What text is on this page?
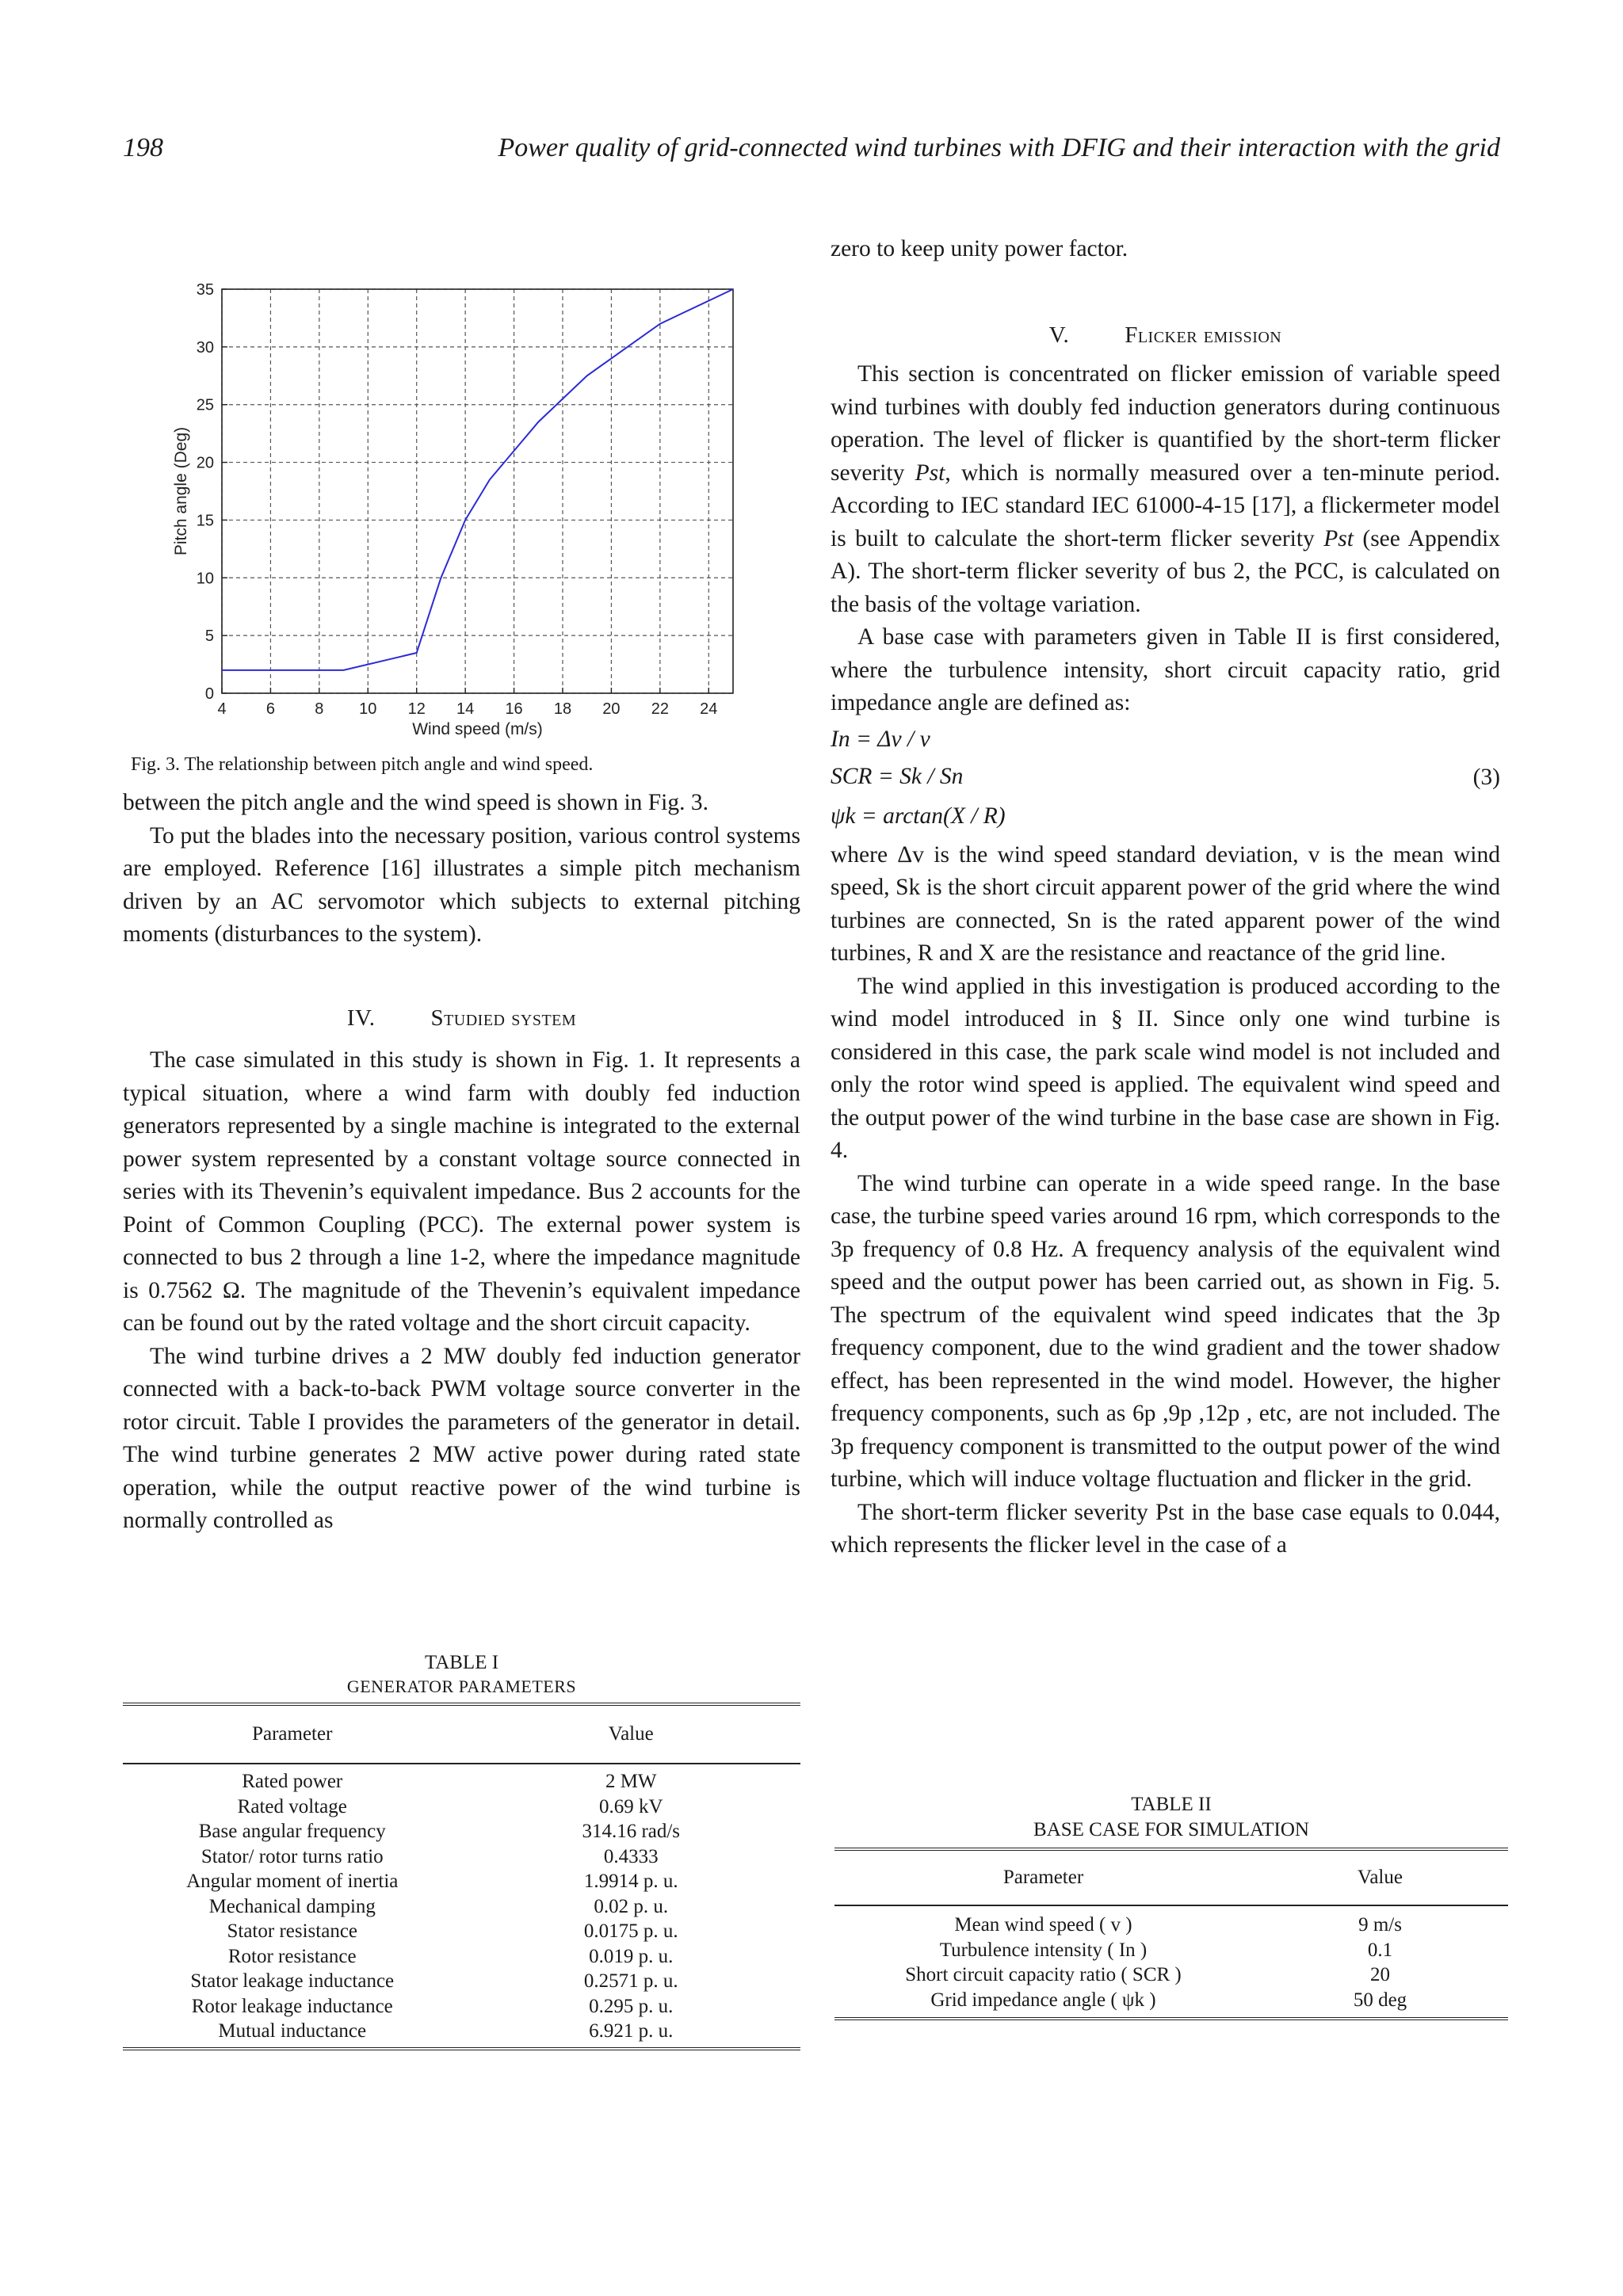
198	Power quality of grid-connected wind turbines with DFIG and their interaction with the grid
4	6	8 10 12 14 16 18 20 22 24
0
5
10
15
20
25
30
35
Wind speed (m/s)
Pitch angle (Deg)
Fig. 3. The relationship between pitch angle and wind speed.

between the pitch angle and the wind speed is shown in Fig. 3.

To put the blades into the necessary position, various control systems are employed. Reference [16] illustrates a simple pitch mechanism driven by an AC servomotor which subjects to external pitching moments (disturbances to the system).

IV. Studied system

The case simulated in this study is shown in Fig. 1. It represents a typical situation, where a wind farm with doubly fed induction generators represented by a single machine is integrated to the external power system represented by a constant voltage source connected in series with its Thevenin’s equivalent impedance. Bus 2 accounts for the Point of Common Coupling (PCC). The external power system is connected to bus 2 through a line 1-2, where the impedance magnitude is 0.7562 Ω. The magnitude of the Thevenin’s equivalent impedance can be found out by the rated voltage and the short circuit capacity.

The wind turbine drives a 2 MW doubly fed induction generator connected with a back-to-back PWM voltage source converter in the rotor circuit. Table I provides the parameters of the generator in detail. The wind turbine generates 2 MW active power during rated state operation, while the output reactive power of the wind turbine is normally controlled as

TABLE I
GENERATOR PARAMETERS
Parameter	Value
Rated power	2 MW
Rated voltage	0.69 kV
Base angular frequency	314.16 rad/s
Stator/ rotor turns ratio	0.4333
Angular moment of inertia	1.9914 p. u.
Mechanical damping	0.02 p. u.
Stator resistance	0.0175 p. u.
Rotor resistance	0.019 p. u.
Stator leakage inductance	0.2571 p. u.
Rotor leakage inductance	0.295 p. u.
Mutual inductance	6.921 p. u.

zero to keep unity power factor.

V. Flicker emission

This section is concentrated on flicker emission of variable speed wind turbines with doubly fed induction generators during continuous operation. The level of flicker is quantified by the short-term flicker severity Pst, which is normally measured over a ten-minute period. According to IEC standard IEC 61000-4-15 [17], a flickermeter model is built to calculate the short-term flicker severity Pst (see Appendix A). The short-term flicker severity of bus 2, the PCC, is calculated on the basis of the voltage variation.

A base case with parameters given in Table II is first considered, where the turbulence intensity, short circuit capacity ratio, grid impedance angle are defined as:

In = Δv / v
SCR = Sk / Sn
ψk = arctan(X / R)
(3)

where Δv is the wind speed standard deviation, v is the mean wind speed, Sk is the short circuit apparent power of the grid where the wind turbines are connected, Sn is the rated apparent power of the wind turbines, R and X are the resistance and reactance of the grid line.

The wind applied in this investigation is produced according to the wind model introduced in § II. Since only one wind turbine is considered in this case, the park scale wind model is not included and only the rotor wind speed is applied. The equivalent wind speed and the output power of the wind turbine in the base case are shown in Fig. 4.

The wind turbine can operate in a wide speed range. In the base case, the turbine speed varies around 16 rpm, which corresponds to the 3p frequency of 0.8 Hz. A frequency analysis of the equivalent wind speed and the output power has been carried out, as shown in Fig. 5. The spectrum of the equivalent wind speed indicates that the 3p frequency component, due to the wind gradient and the tower shadow effect, has been represented in the wind model. However, the higher frequency components, such as 6p ,9p ,12p , etc, are not included. The 3p frequency component is transmitted to the output power of the wind turbine, which will induce voltage fluctuation and flicker in the grid.

The short-term flicker severity Pst in the base case equals to 0.044, which represents the flicker level in the case of a

TABLE II
BASE CASE FOR SIMULATION
Parameter	Value
Mean wind speed ( v )	9 m/s
Turbulence intensity ( In )	0.1
Short circuit capacity ratio ( SCR )	20
Grid impedance angle ( ψk )	50 deg
